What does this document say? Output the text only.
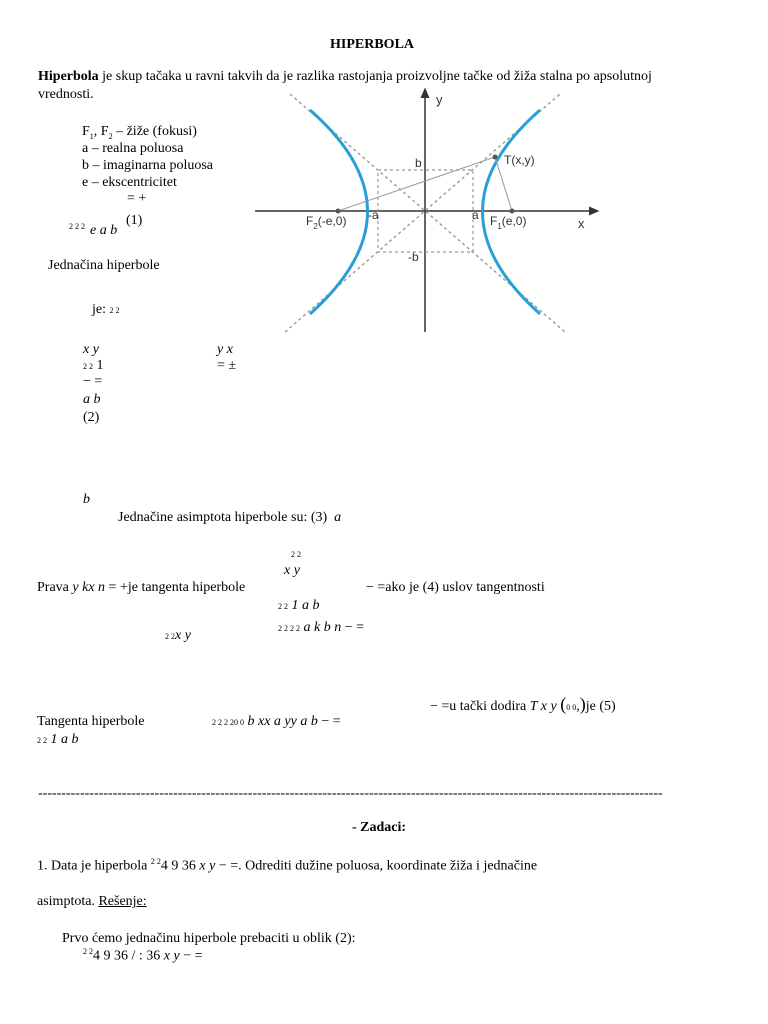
HIPERBOLA
Hiperbola je skup tačaka u ravni takvih da je razlika rastojanja proizvoljne tačke od žiža stalna po apsolutnoj
vrednosti.
$F_1$, $F_2$ – žiže (fokusi)
a – realna poluosa
b – imaginarna poluosa
e – ekscentricitet
= +
2 2 2 e a b
(1)
Jednačina hiperbole
je: 2 2
x y	y x
2 2 1	= ±
− =
a b
(2)
b
Jednačine asimptota hiperbole su: (3) a
2 2
x y
Prava y kx n = +je tangenta hiperbole	− =ako je (4) uslov tangentnosti
2 2 1 a b
2 2 2 2 a k b n − =
2 2x y
− =u tački dodira T x y (0 0,)je (5)
Tangenta hiperbole	2 2 2 20 0 b xx a yy a b − =
2 2 1 a b
--------------------------------------------------------------------------------------------------------------------------------------
- Zadaci:
1. Data je hiperbola $^{2 2}$4 9 36 x y − =. Odrediti dužine poluosa, koordinate žiža i jednačine
asimptota. Rešenje:
Prvo ćemo jednačinu hiperbole prebaciti u oblik (2):
$^{2 2}$4 9 36 / : 36 x y − =
y
x
T(x,y)
b
-b
-a	a
$F_2(-e,0)$	$F_1(e,0)$
